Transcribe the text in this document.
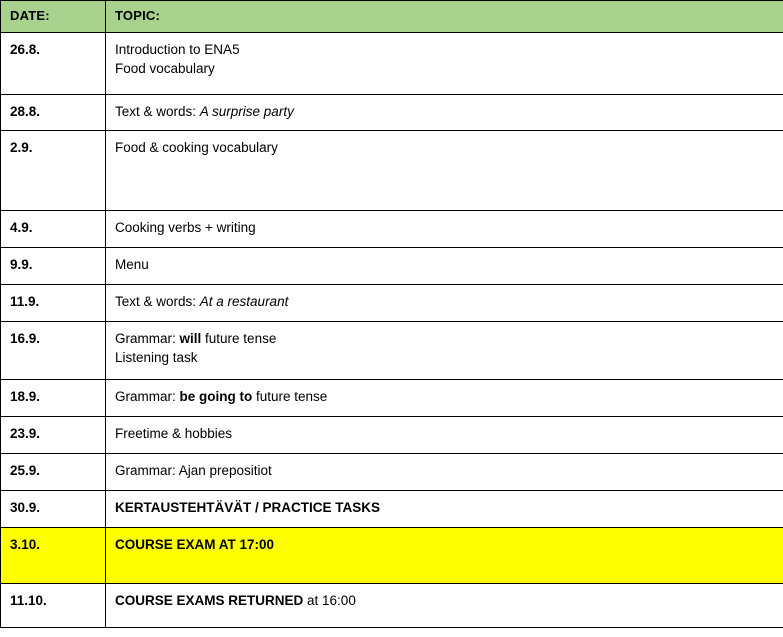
DATE:	TOPIC:
26.8.	Introduction to ENA5
Food vocabulary

28.8.	Text & words: A surprise party

2.9.	Food & cooking vocabulary

4.9.	Cooking verbs + writing

9.9.	Menu

11.9.	Text & words: At a restaurant

16.9.	Grammar: will future tense
Listening task

18.9.	Grammar: be going to future tense

23.9.	Freetime & hobbies

25.9.	Grammar: Ajan prepositiot

30.9.	KERTAUSTEHTÄVÄT / PRACTICE TASKS

3.10.	COURSE EXAM AT 17:00

11.10.	COURSE EXAMS RETURNED at 16:00
